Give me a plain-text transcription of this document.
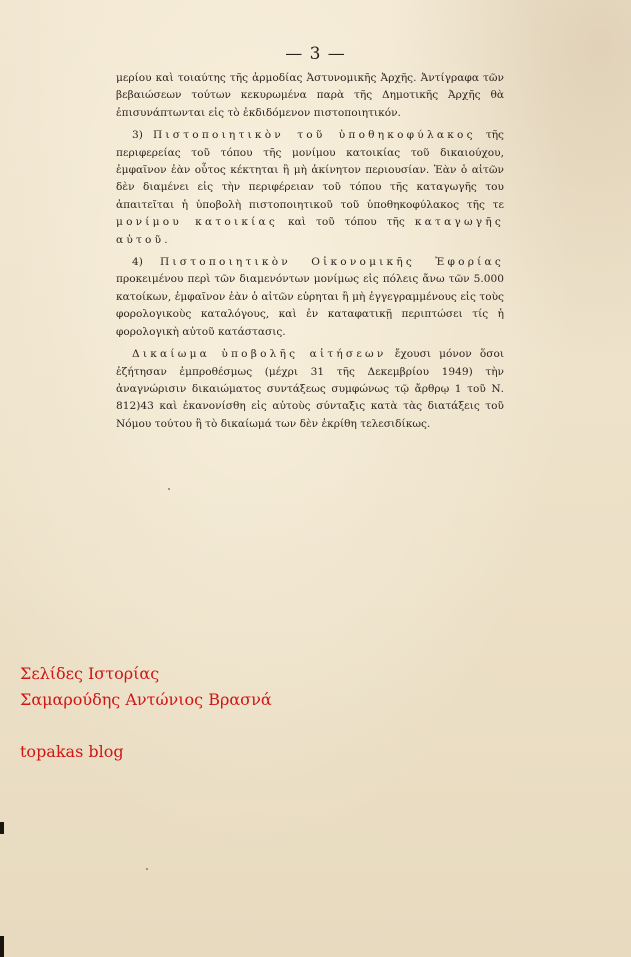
— 3 —

μερίου καὶ τοιαύτης τῆς ἁρμοδίας Ἀστυνομικῆς Ἀρχῆς. Ἀντίγραφα τῶν βεβαιώσεων τούτων κεκυρωμένα παρὰ τῆς Δημοτικῆς Ἀρχῆς θὰ ἐπισυνάπτωνται εἰς τὸ ἐκδιδόμενον πιστοποιητικόν.

3) Πιστοποιητικὸν τοῦ ὑποθηκοφύλακος τῆς περιφερείας τοῦ τόπου τῆς μονίμου κατοικίας τοῦ δικαιούχου, ἐμφαῖνον ἐὰν οὗτος κέκτηται ἢ μὴ ἀκίνητον περιουσίαν. Ἐὰν ὁ αἰτῶν δὲν διαμένει εἰς τὴν περιφέρειαν τοῦ τόπου τῆς καταγωγῆς του ἀπαιτεῖται ἡ ὑποβολὴ πιστοποιητικοῦ τοῦ ὑποθηκοφύλακος τῆς τε μονίμου κατοικίας καὶ τοῦ τόπου τῆς καταγωγῆς αὐτοῦ.

4) Πιστοποιητικὸν Οἰκονομικῆς Ἐφορίας προκειμένου περὶ τῶν διαμενόντων μονίμως εἰς πόλεις ἄνω τῶν 5.000 κατοίκων, ἐμφαῖνον ἐὰν ὁ αἰτῶν εὑρηται ἢ μὴ ἐγγεγραμμένους εἰς τοὺς φορολογικοὺς καταλόγους, καὶ ἐν καταφατικῇ περιπτώσει τίς ἡ φορολογικὴ αὐτοῦ κατάστασις.

Δικαίωμα ὑποβολῆς αἰτήσεων ἔχουσι μόνον ὅσοι ἐζήτησαν ἐμπροθέσμως (μέχρι 31 τῆς Δεκεμβρίου 1949) τὴν ἀναγνώρισιν δικαιώματος συντάξεως συμφώνως τῷ ἄρθρῳ 1 τοῦ Ν. 812)43 καὶ ἐκανονίσθη εἰς αὐτοὺς σύνταξις κατὰ τὰς διατάξεις τοῦ Νόμου τούτου ἢ τὸ δικαίωμά των δὲν ἐκρίθη τελεσιδίκως.

Σελίδες Ιστορίας
Σαμαρούδης Αντώνιος Βρασνά
topakas blog
